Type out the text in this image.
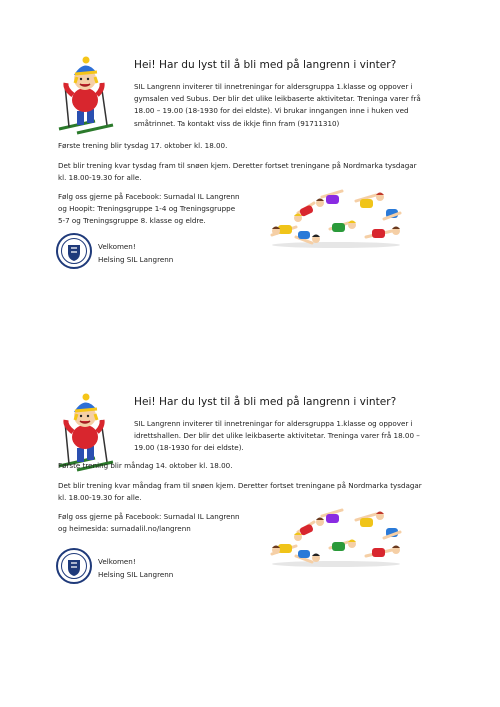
Hei! Har du lyst til å bli med på langrenn i vinter?

SIL Langrenn inviterer til innetreningar for aldersgruppa 1.klasse og oppover i
gymsalen ved Subus. Der blir det ulike leikbaserte aktivitetar. Treninga varer frå
18.00 – 19.00 (18-1930 for dei eldste). Vi brukar inngangen inne i huken ved
småtrinnet. Ta kontakt viss de ikkje finn fram (91711310)

Første trening blir tysdag 17. oktober kl. 18.00.

Det blir trening kvar tysdag fram til snøen kjem. Deretter fortset treningane på Nordmarka tysdagar
kl. 18.00-19.30 for alle.

Følg oss gjerne på Facebook: Surnadal IL Langrenn
og Hoopit: Treningsgruppe 1-4 og Treningsgruppe
5-7 og Treningsgruppe 8. klasse og eldre.

Velkomen!
Helsing SIL Langrenn

Hei! Har du lyst til å bli med på langrenn i vinter?

SIL Langrenn inviterer til innetreningar for aldersgruppa 1.klasse og oppover i
idrettshallen. Der blir det ulike leikbaserte aktivitetar. Treninga varer frå 18.00 –
19.00 (18-1930 for dei eldste).

Første trening blir måndag 14. oktober kl. 18.00.

Det blir trening kvar måndag fram til snøen kjem. Deretter fortset treningane på Nordmarka tysdagar
kl. 18.00-19.30 for alle.

Følg oss gjerne på Facebook: Surnadal IL Langrenn
og heimesida: surnadalil.no/langrenn

Velkomen!
Helsing SIL Langrenn
